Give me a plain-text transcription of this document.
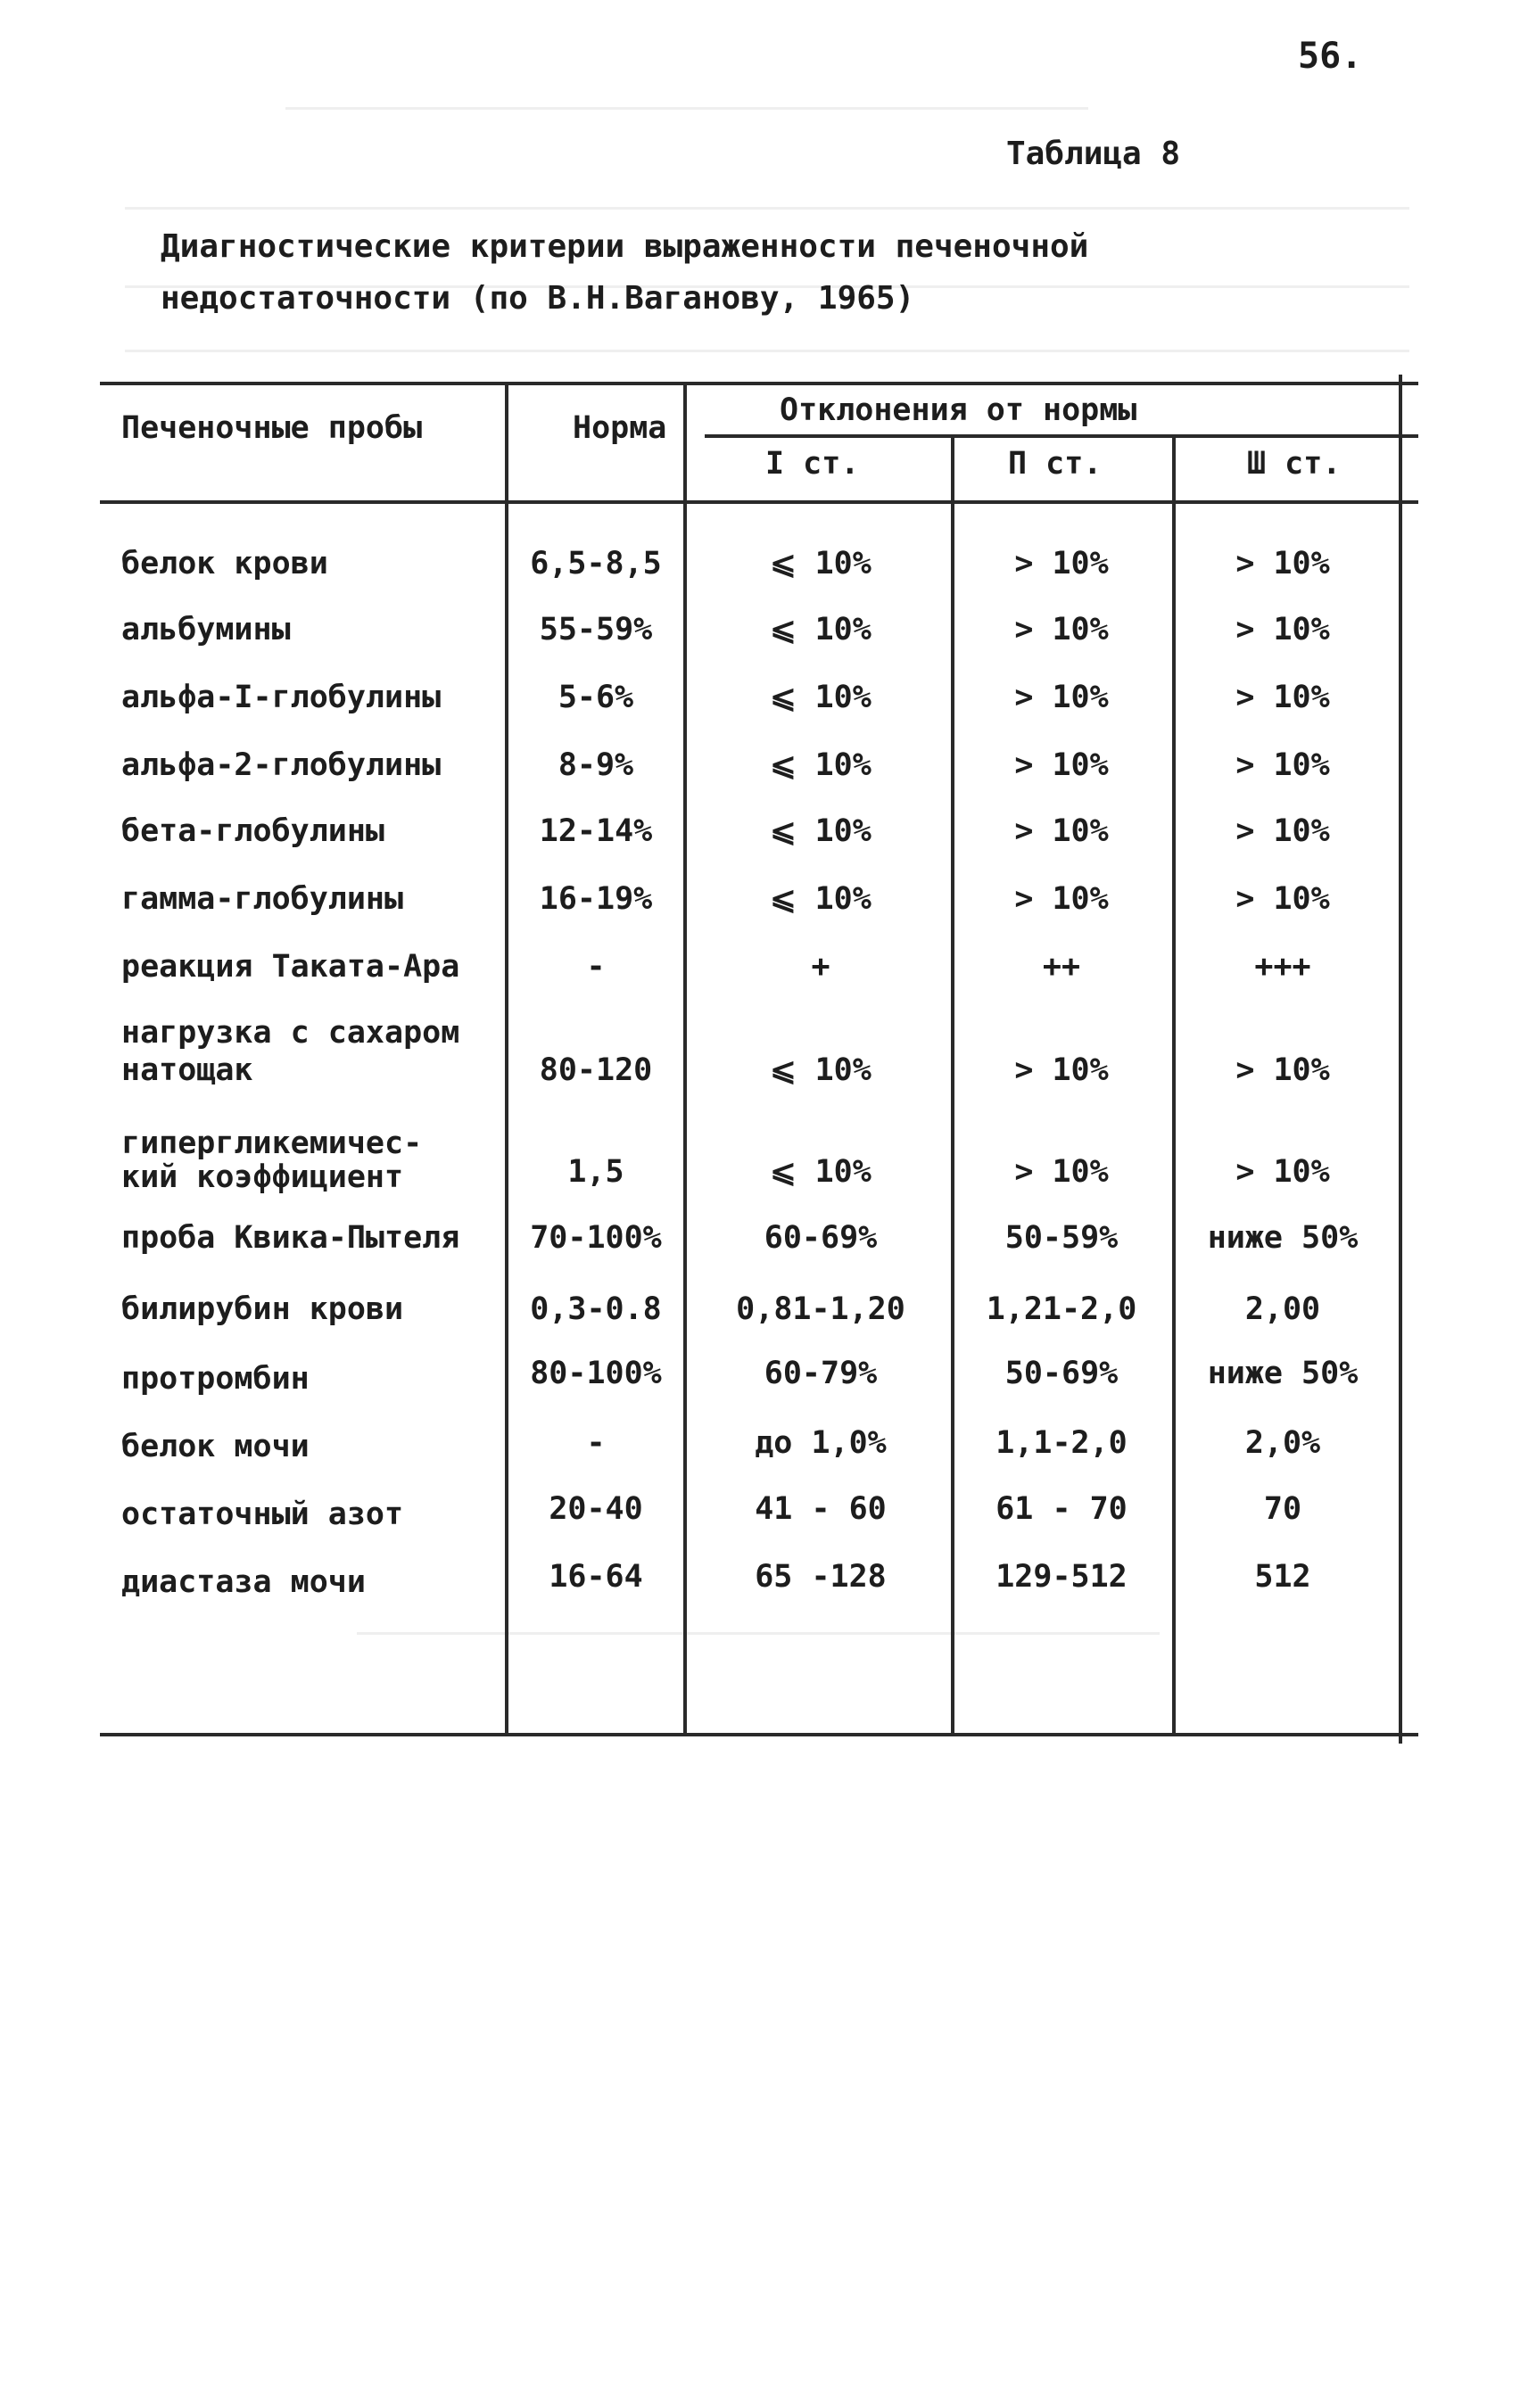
56.
Таблица 8
Диагностические критерии выраженности печеночной
недостаточности (по В.Н.Ваганову, 1965)
Печеночные пробы	Норма	Отклонения от нормы
I ст.	П ст.	Ш ст.
белок крови	6,5-8,5	⩽ 10%	> 10%	> 10%
альбумины	55-59%	⩽ 10%	> 10%	> 10%
альфа-I-глобулины	5-6%	⩽ 10%	> 10%	> 10%
альфа-2-глобулины	8-9%	⩽ 10%	> 10%	> 10%
бета-глобулины	12-14%	⩽ 10%	> 10%	> 10%
гамма-глобулины	16-19%	⩽ 10%	> 10%	> 10%
реакция Таката-Ара	-	+	++	+++
нагрузка с сахаром
натощак	80-120	⩽ 10%	> 10%	> 10%
гипергликемичес-
кий коэффициент	1,5	⩽ 10%	> 10%	> 10%
проба Квика-Пытеля	70-100%	60-69%	50-59%	ниже 50%
билирубин крови	0,3-0.8	0,81-1,20	1,21-2,0	2,00
протромбин	80-100%	60-79%	50-69%	ниже 50%
белок мочи	-	до 1,0%	1,1-2,0	2,0%
остаточный азот	20-40	41 - 60	61 - 70	70
диастаза мочи	16-64	65 -128	129-512	512
